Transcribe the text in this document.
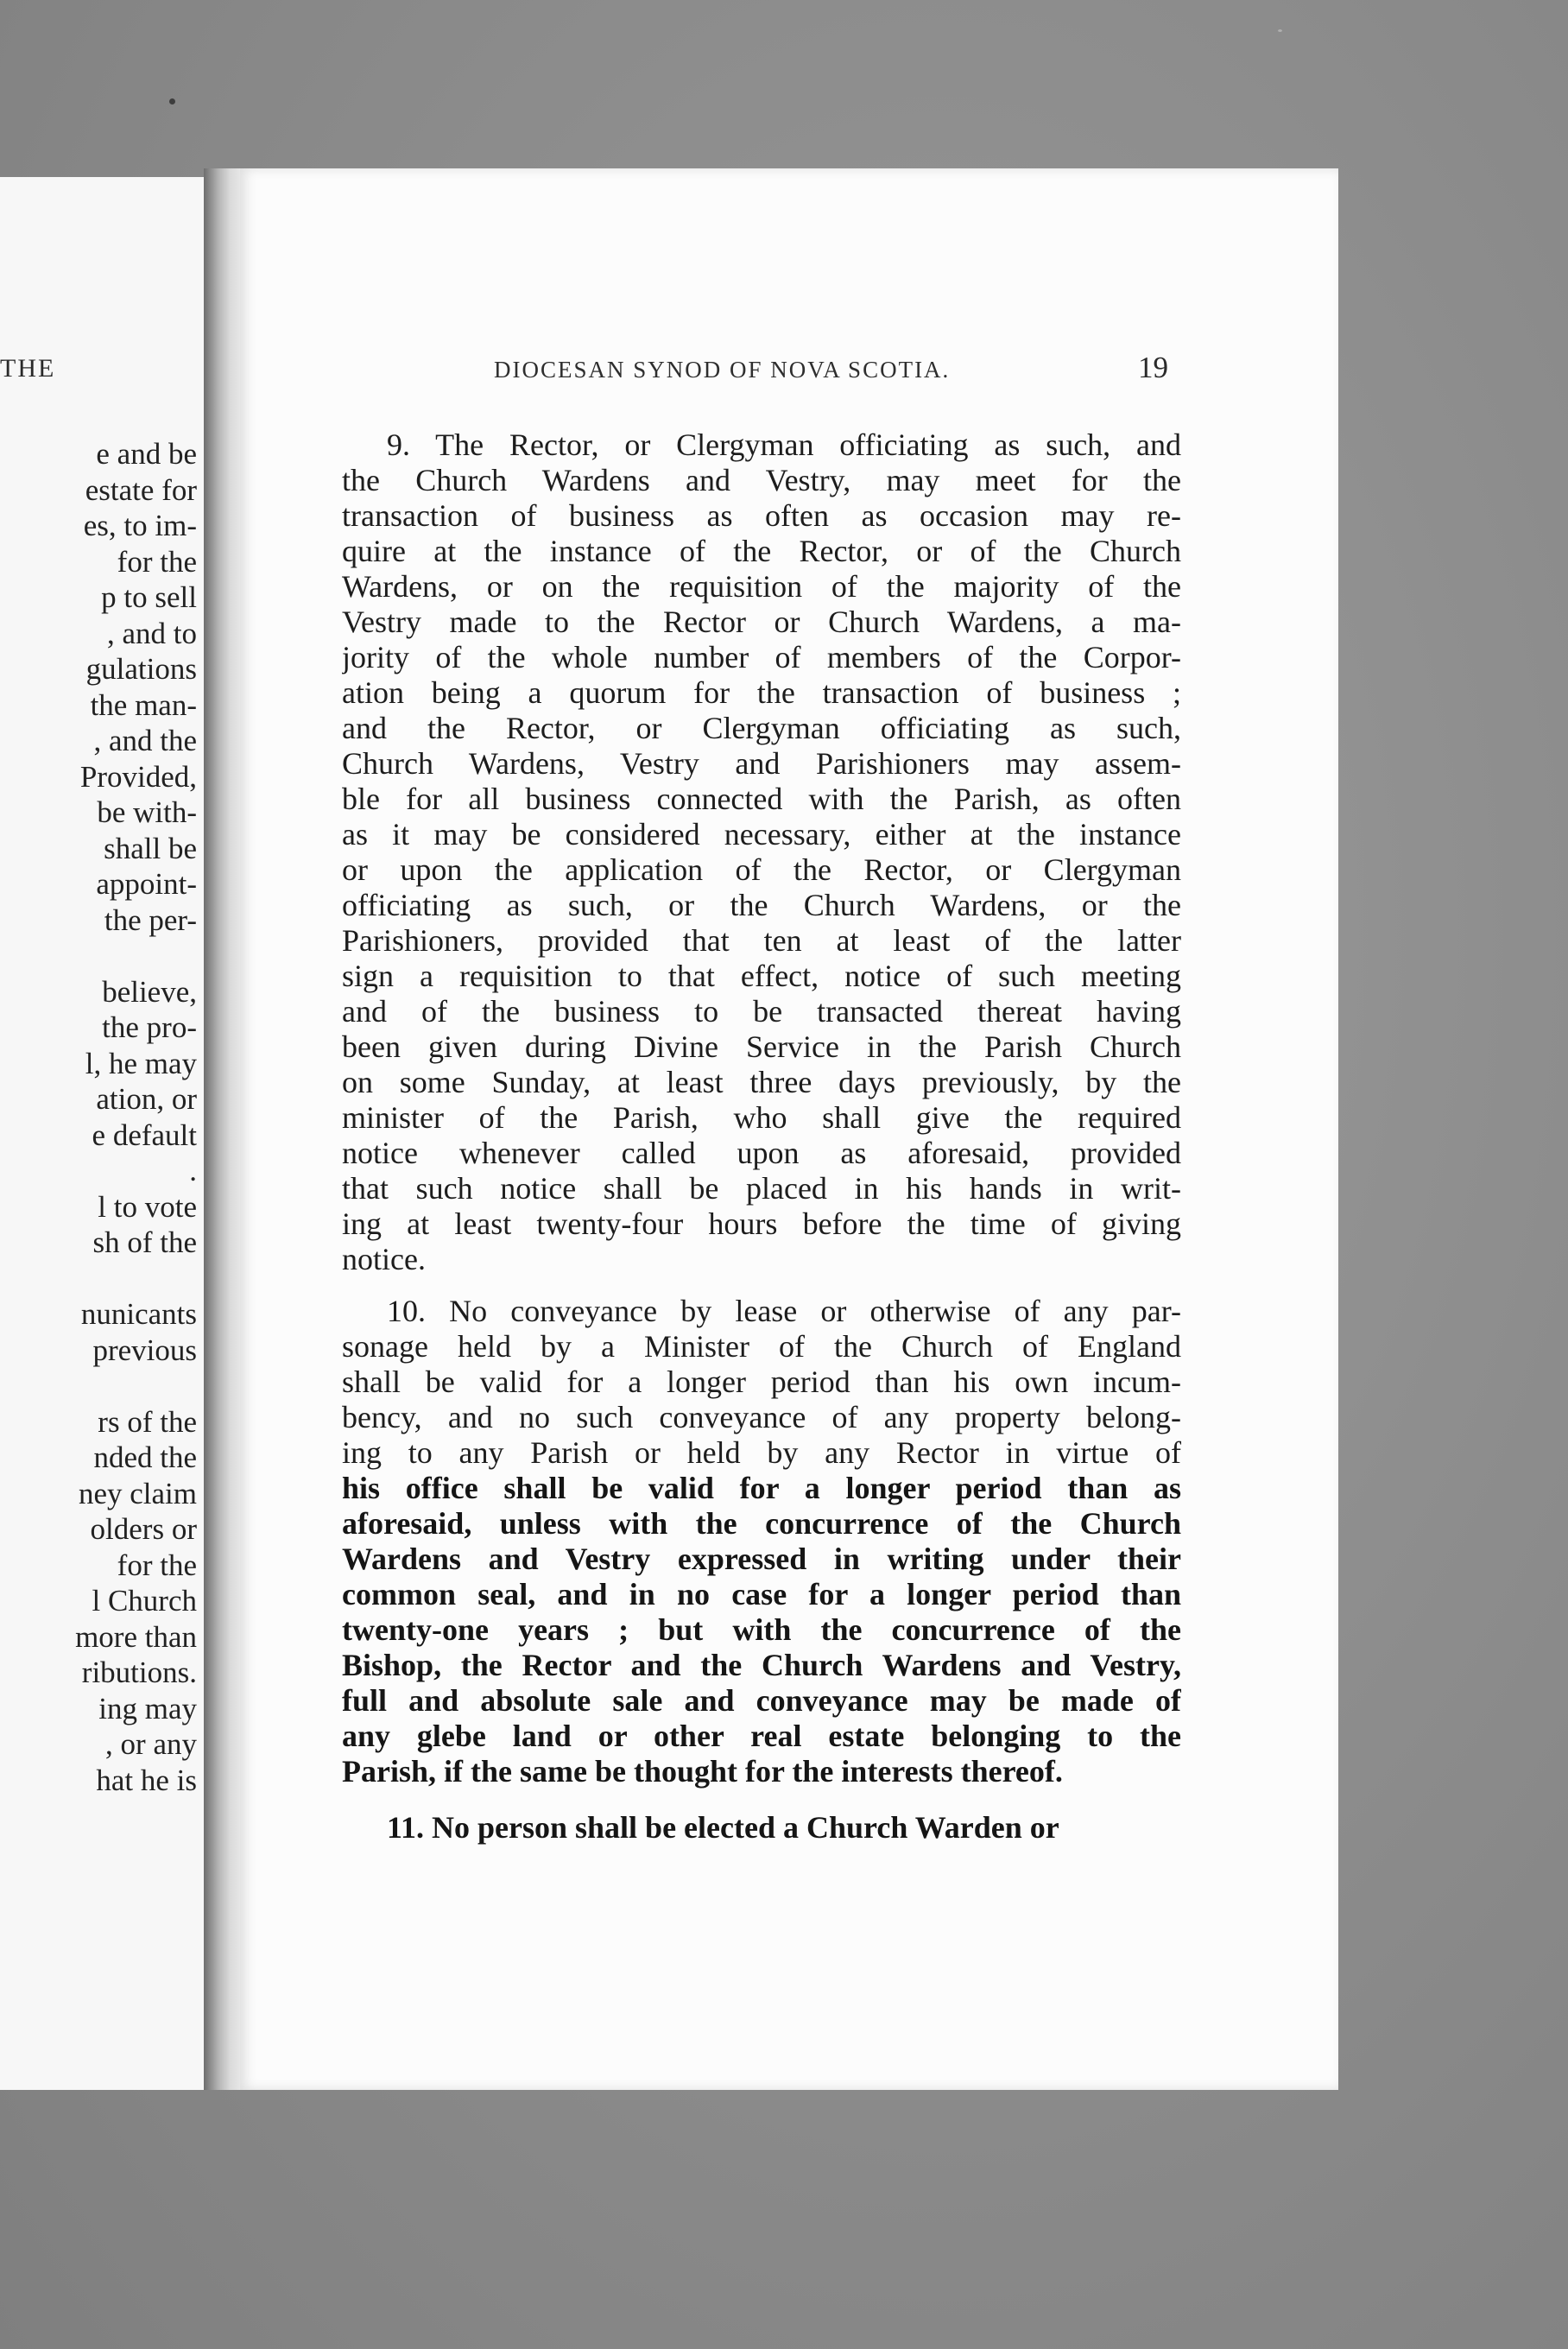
THE
e and be
estate for
es, to im-
for the
p to sell
, and to
gulations
the man-
, and the
Provided,
be with-
shall be
appoint-
the per-
believe,
the pro-
l, he may
ation, or
e default
.
l to vote
sh of the
nunicants
previous
rs of the
nded the
ney claim
olders or
for the
l Church
more than
ributions.
ing may
, or any
hat he is
DIOCESAN SYNOD OF NOVA SCOTIA.	19
9. The Rector, or Clergyman officiating as such, and
the Church Wardens and Vestry, may meet for the
transaction of business as often as occasion may re-
quire at the instance of the Rector, or of the Church
Wardens, or on the requisition of the majority of the
Vestry made to the Rector or Church Wardens, a ma-
jority of the whole number of members of the Corpor-
ation being a quorum for the transaction of business ;
and the Rector, or Clergyman officiating as such,
Church Wardens, Vestry and Parishioners may assem-
ble for all business connected with the Parish, as often
as it may be considered necessary, either at the instance
or upon the application of the Rector, or Clergyman
officiating as such, or the Church Wardens, or the
Parishioners, provided that ten at least of the latter
sign a requisition to that effect, notice of such meeting
and of the business to be transacted thereat having
been given during Divine Service in the Parish Church
on some Sunday, at least three days previously, by the
minister of the Parish, who shall give the required
notice whenever called upon as aforesaid, provided
that such notice shall be placed in his hands in writ-
ing at least twenty-four hours before the time of giving
notice.
10. No conveyance by lease or otherwise of any par-
sonage held by a Minister of the Church of England
shall be valid for a longer period than his own incum-
bency, and no such conveyance of any property belong-
ing to any Parish or held by any Rector in virtue of
his office shall be valid for a longer period than as
aforesaid, unless with the concurrence of the Church
Wardens and Vestry expressed in writing under their
common seal, and in no case for a longer period than
twenty-one years ; but with the concurrence of the
Bishop, the Rector and the Church Wardens and Vestry,
full and absolute sale and conveyance may be made of
any glebe land or other real estate belonging to the
Parish, if the same be thought for the interests thereof.
11. No person shall be elected a Church Warden or
